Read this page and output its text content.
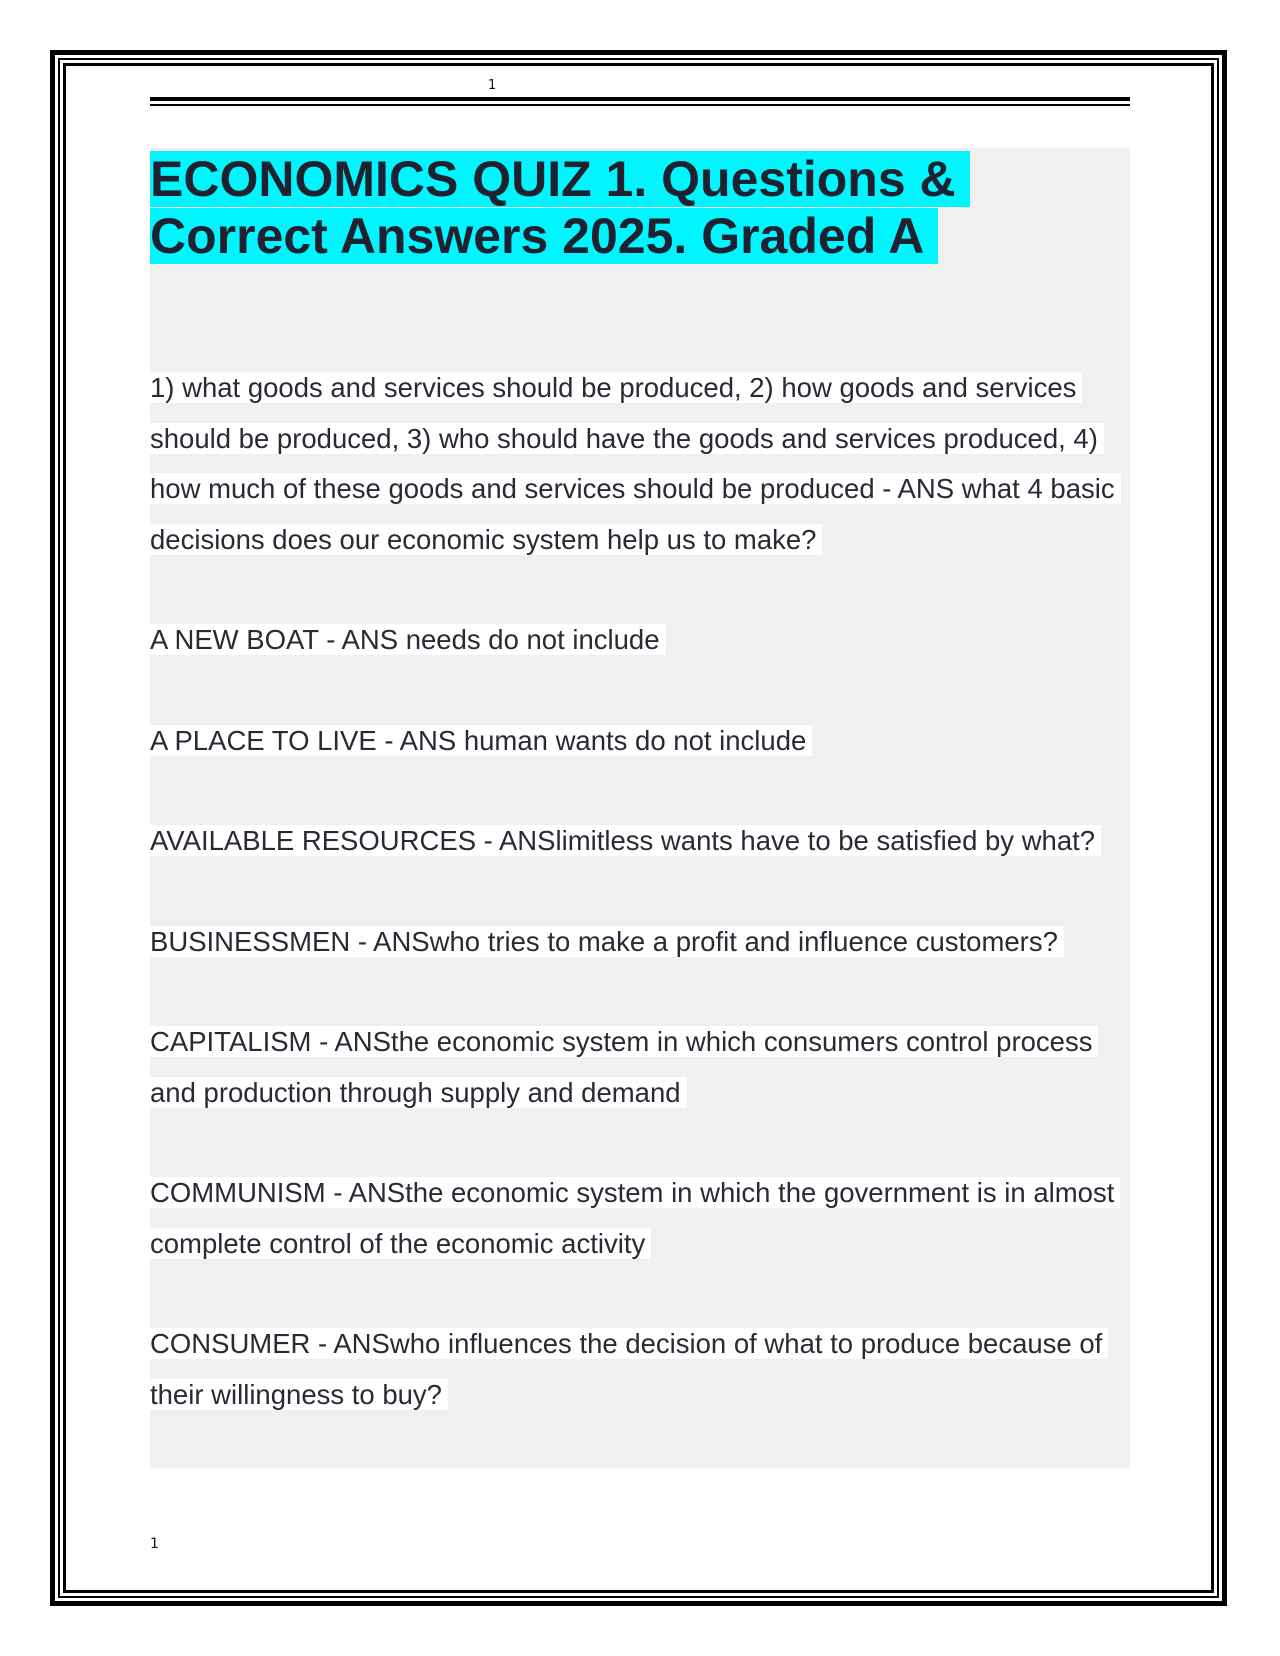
1
ECONOMICS QUIZ 1. Questions & Correct Answers 2025. Graded A

1) what goods and services should be produced, 2) how goods and services should be produced, 3) who should have the goods and services produced, 4) how much of these goods and services should be produced - ANS what 4 basic decisions does our economic system help us to make?

A NEW BOAT - ANS needs do not include

A PLACE TO LIVE - ANS human wants do not include

AVAILABLE RESOURCES - ANSlimitless wants have to be satisfied by what?

BUSINESSMEN - ANSwho tries to make a profit and influence customers?

CAPITALISM - ANSthe economic system in which consumers control process and production through supply and demand

COMMUNISM - ANSthe economic system in which the government is in almost complete control of the economic activity

CONSUMER - ANSwho influences the decision of what to produce because of their willingness to buy?

1
